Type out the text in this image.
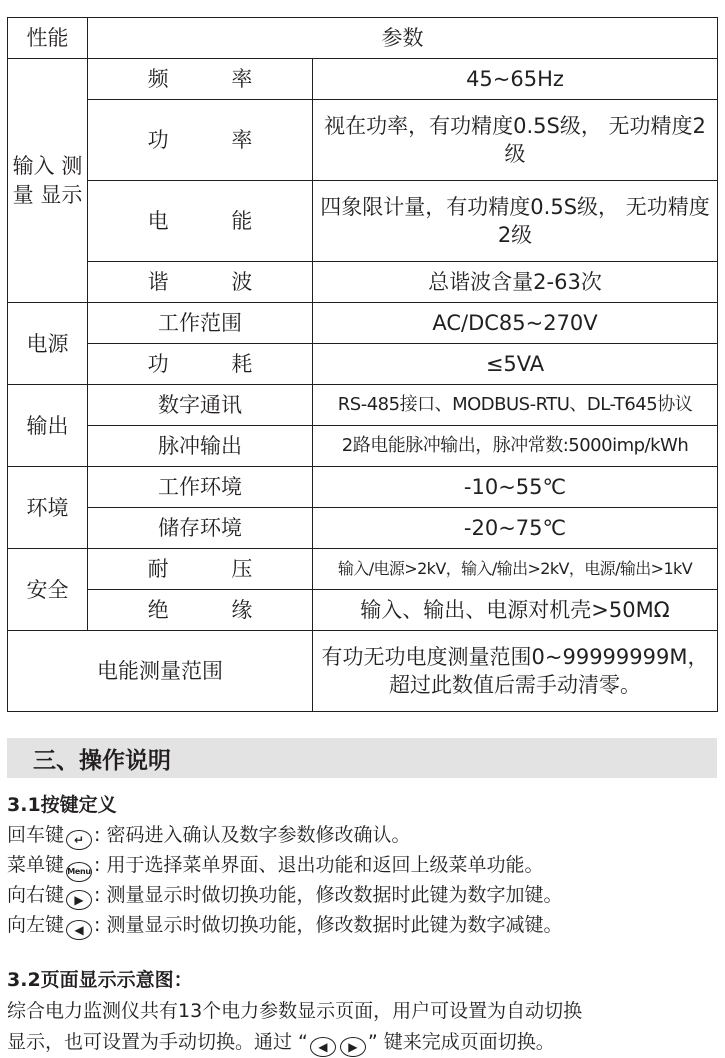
性能	参数	
输入 测量 显示	频 率	45~65Hz
	功 率	视在功率，有功精度0.5S级， 无功精度2级
	电 能	四象限计量，有功精度0.5S级， 无功精度2级
	谐 波	总谐波含量2-63次
电源	工作范围	AC/DC85~270V
	功 耗	≤5VA
输出	数字通讯	RS-485接口、MODBUS-RTU、DL-T645协议
	脉冲输出	2路电能脉冲输出，脉冲常数:5000imp/kWh
环境	工作环境	-10~55℃
	储存环境	-20~75℃
安全	耐 压	输入/电源>2kV，输入/输出>2kV，电源/输出>1kV
	绝 缘	输入、输出、电源对机壳>50MΩ
电能测量范围		有功无功电度测量范围0~99999999M， 超过此数值后需手动清零。
三、操作说明
3.1按键定义
回车键 ↵ : 密码进入确认及数字参数修改确认。
菜单键 Menu : 用于选择菜单界面、退出功能和返回上级菜单功能。
向右键 ▶ : 测量显示时做切换功能，修改数据时此键为数字加键。
向左键 ◀ : 测量显示时做切换功能，修改数据时此键为数字减键。
3.2页面显示示意图：
综合电力监测仪共有13个电力参数显示页面，用户可设置为自动切换
显示，也可设置为手动切换。通过 “ ◀ ▶ ” 键来完成页面切换。
